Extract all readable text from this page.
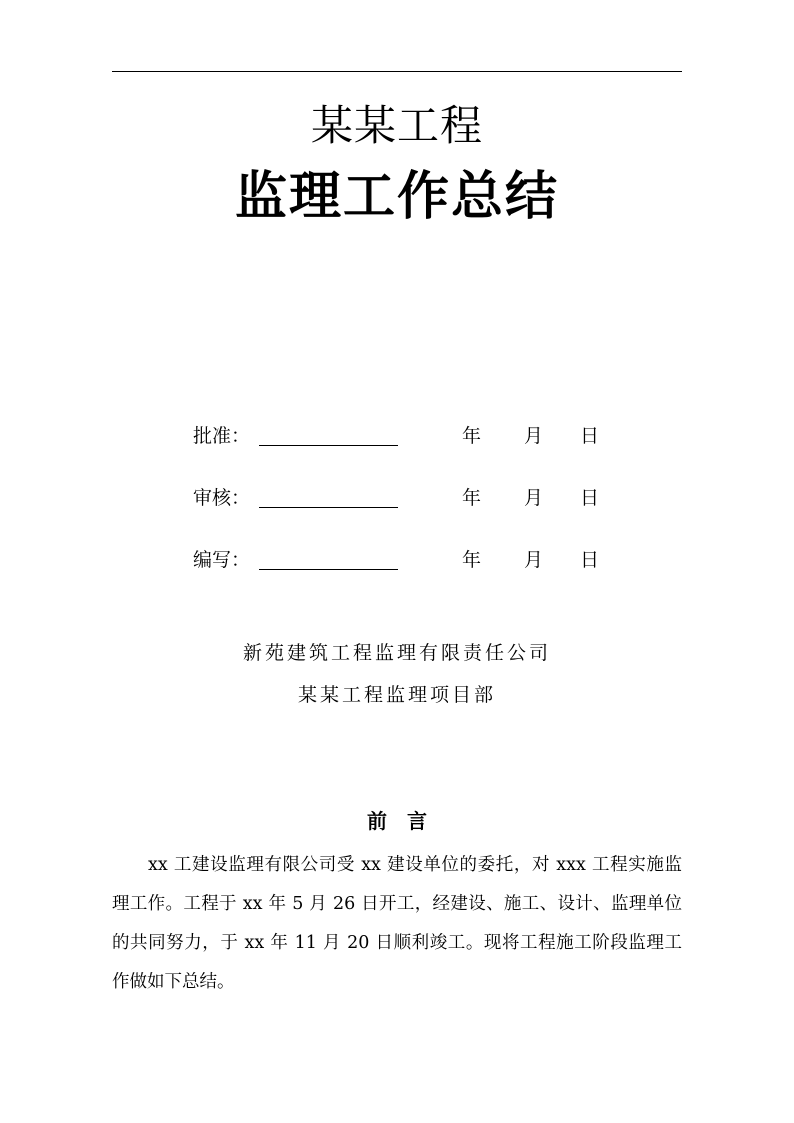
某某工程
监理工作总结
批准：	年 月 日
审核：	年 月 日
编写：	年 月 日
新苑建筑工程监理有限责任公司
某某工程监理项目部
前　言
xx 工建设监理有限公司受 xx 建设单位的委托，对 xxx 工程实施监理工作。工程于 xx 年 5 月 26 日开工，经建设、施工、设计、监理单位的共同努力，于 xx 年 11 月 20 日顺利竣工。现将工程施工阶段监理工作做如下总结。
